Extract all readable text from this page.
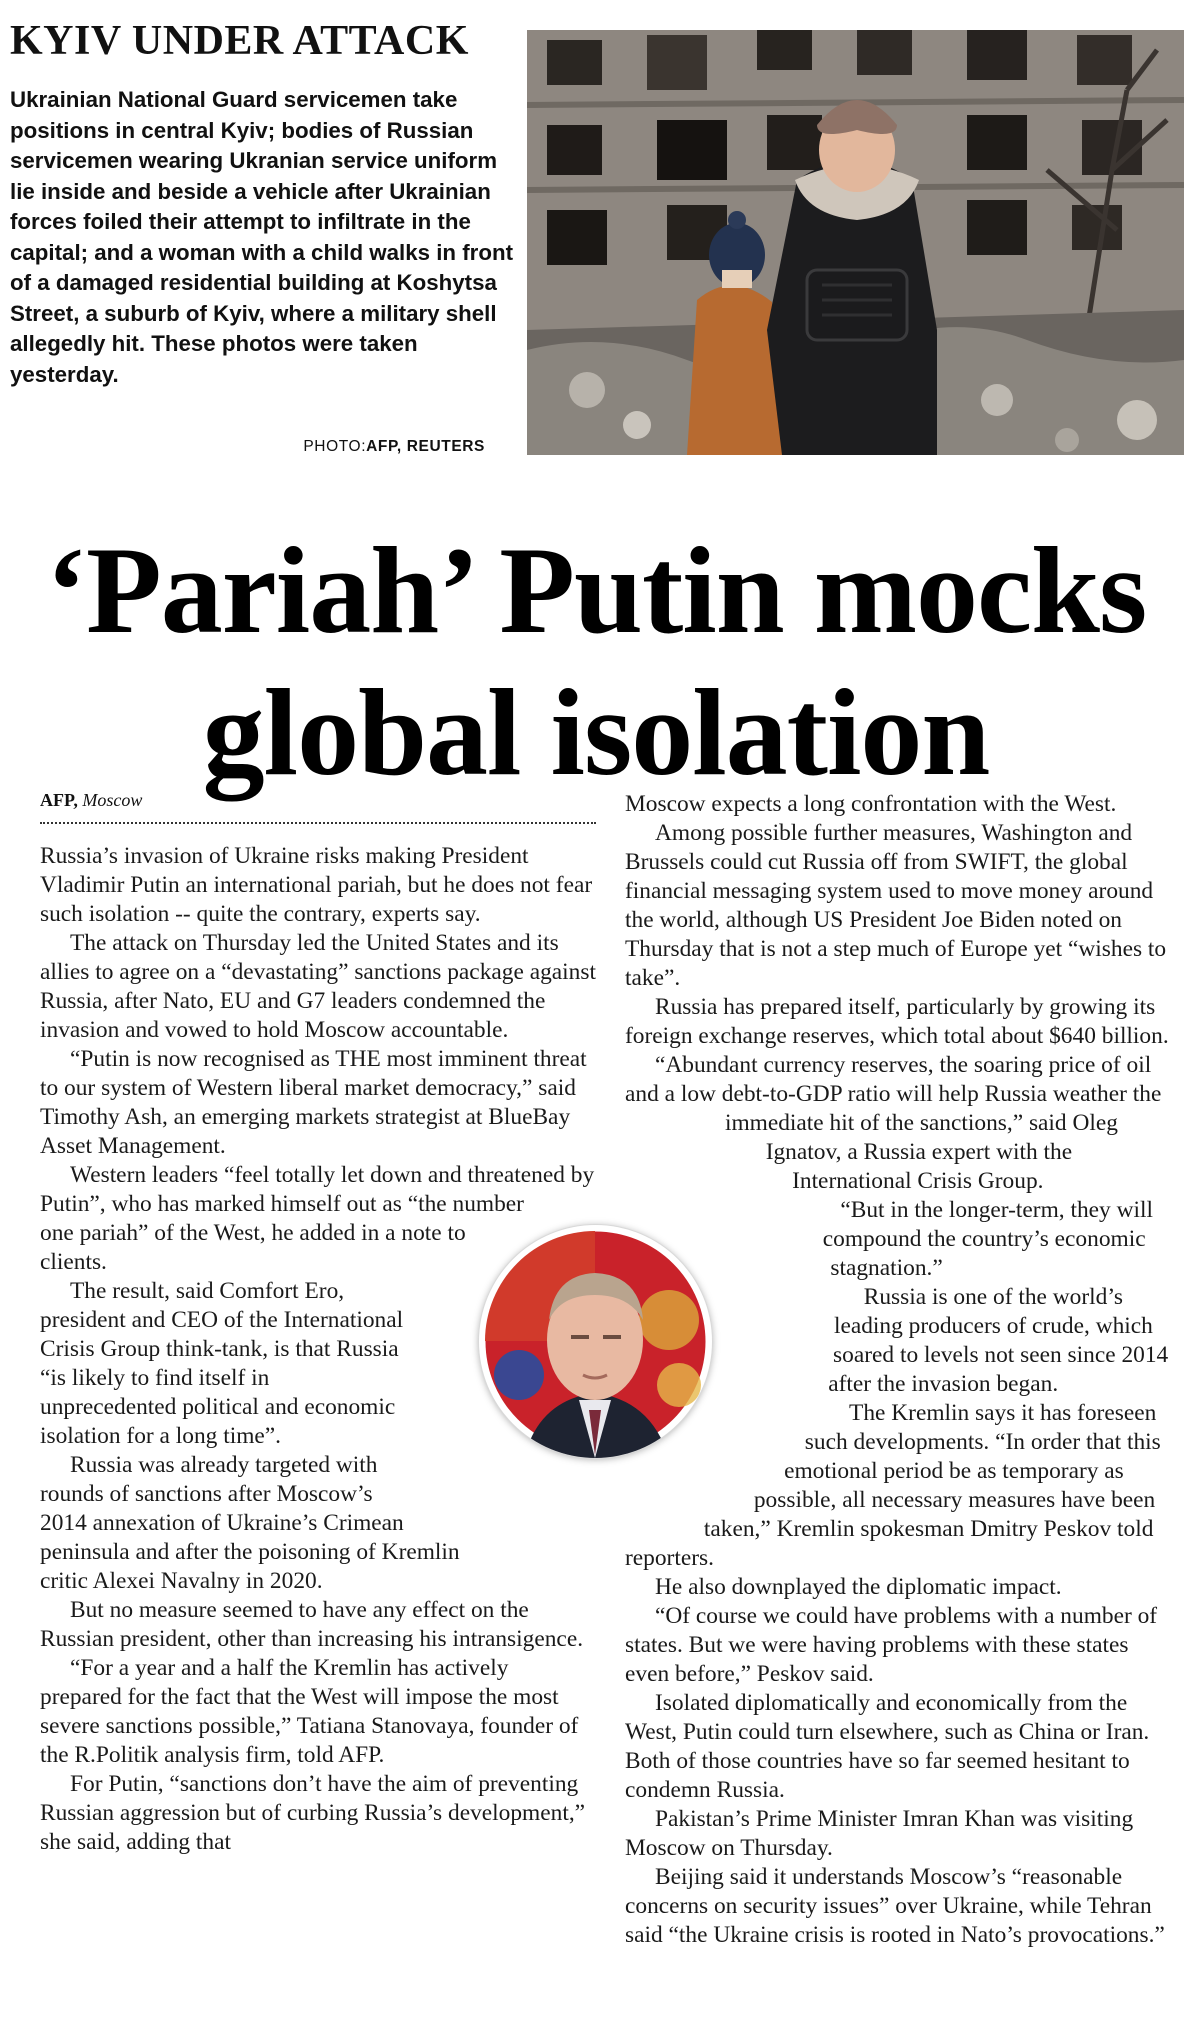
KYIV UNDER ATTACK

Ukrainian National Guard servicemen take positions in central Kyiv; bodies of Russian servicemen wearing Ukranian service uniform lie inside and beside a vehicle after Ukrainian forces foiled their attempt to infiltrate in the capital; and a woman with a child walks in front of a damaged residential building at Koshytsa Street, a suburb of Kyiv, where a military shell allegedly hit. These photos were taken yesterday.

PHOTO:AFP, REUTERS
‘Pariah’ Putin mocks
global isolation
AFP, Moscow

Russia’s invasion of Ukraine risks making President Vladimir Putin an international pariah, but he does not fear such isolation -- quite the contrary, experts say.

The attack on Thursday led the United States and its allies to agree on a “devastating” sanctions package against Russia, after Nato, EU and G7 leaders condemned the invasion and vowed to hold Moscow accountable.

“Putin is now recognised as THE most imminent threat to our system of Western liberal market democracy,” said Timothy Ash, an emerging markets strategist at BlueBay Asset Management.

Western leaders “feel totally let down and threatened by Putin”, who has marked himself out as “the number one pariah” of the West, he added in a note to clients.

The result, said Comfort Ero, president and CEO of the International Crisis Group think-tank, is that Russia “is likely to find itself in unprecedented political and economic isolation for a long time”.

Russia was already targeted with rounds of sanctions after Moscow’s 2014 annexation of Ukraine’s Crimean peninsula and after the poisoning of Kremlin critic Alexei Navalny in 2020.

But no measure seemed to have any effect on the Russian president, other than increasing his intransigence.

“For a year and a half the Kremlin has actively prepared for the fact that the West will impose the most severe sanctions possible,” Tatiana Stanovaya, founder of the R.Politik analysis firm, told AFP.

For Putin, “sanctions don’t have the aim of preventing Russian aggression but of curbing Russia’s development,” she said, adding that

Moscow expects a long confrontation with the West.

Among possible further measures, Washington and Brussels could cut Russia off from SWIFT, the global financial messaging system used to move money around the world, although US President Joe Biden noted on Thursday that is not a step much of Europe yet “wishes to take”.

Russia has prepared itself, particularly by growing its foreign exchange reserves, which total about $640 billion.

“Abundant currency reserves, the soaring price of oil and a low debt-to-GDP ratio will help Russia weather the immediate hit of the sanctions,” said Oleg Ignatov, a Russia expert with the International Crisis Group.

“But in the longer-term, they will compound the country’s economic stagnation.”

Russia is one of the world’s leading producers of crude, which soared to levels not seen since 2014 after the invasion began.

The Kremlin says it has foreseen such developments. “In order that this emotional period be as temporary as possible, all necessary measures have been taken,” Kremlin spokesman Dmitry Peskov told reporters.

He also downplayed the diplomatic impact.

“Of course we could have problems with a number of states. But we were having problems with these states even before,” Peskov said.

Isolated diplomatically and economically from the West, Putin could turn elsewhere, such as China or Iran. Both of those countries have so far seemed hesitant to condemn Russia.

Pakistan’s Prime Minister Imran Khan was visiting Moscow on Thursday.

Beijing said it understands Moscow’s “reasonable concerns on security issues” over Ukraine, while Tehran said “the Ukraine crisis is rooted in Nato’s provocations.”
